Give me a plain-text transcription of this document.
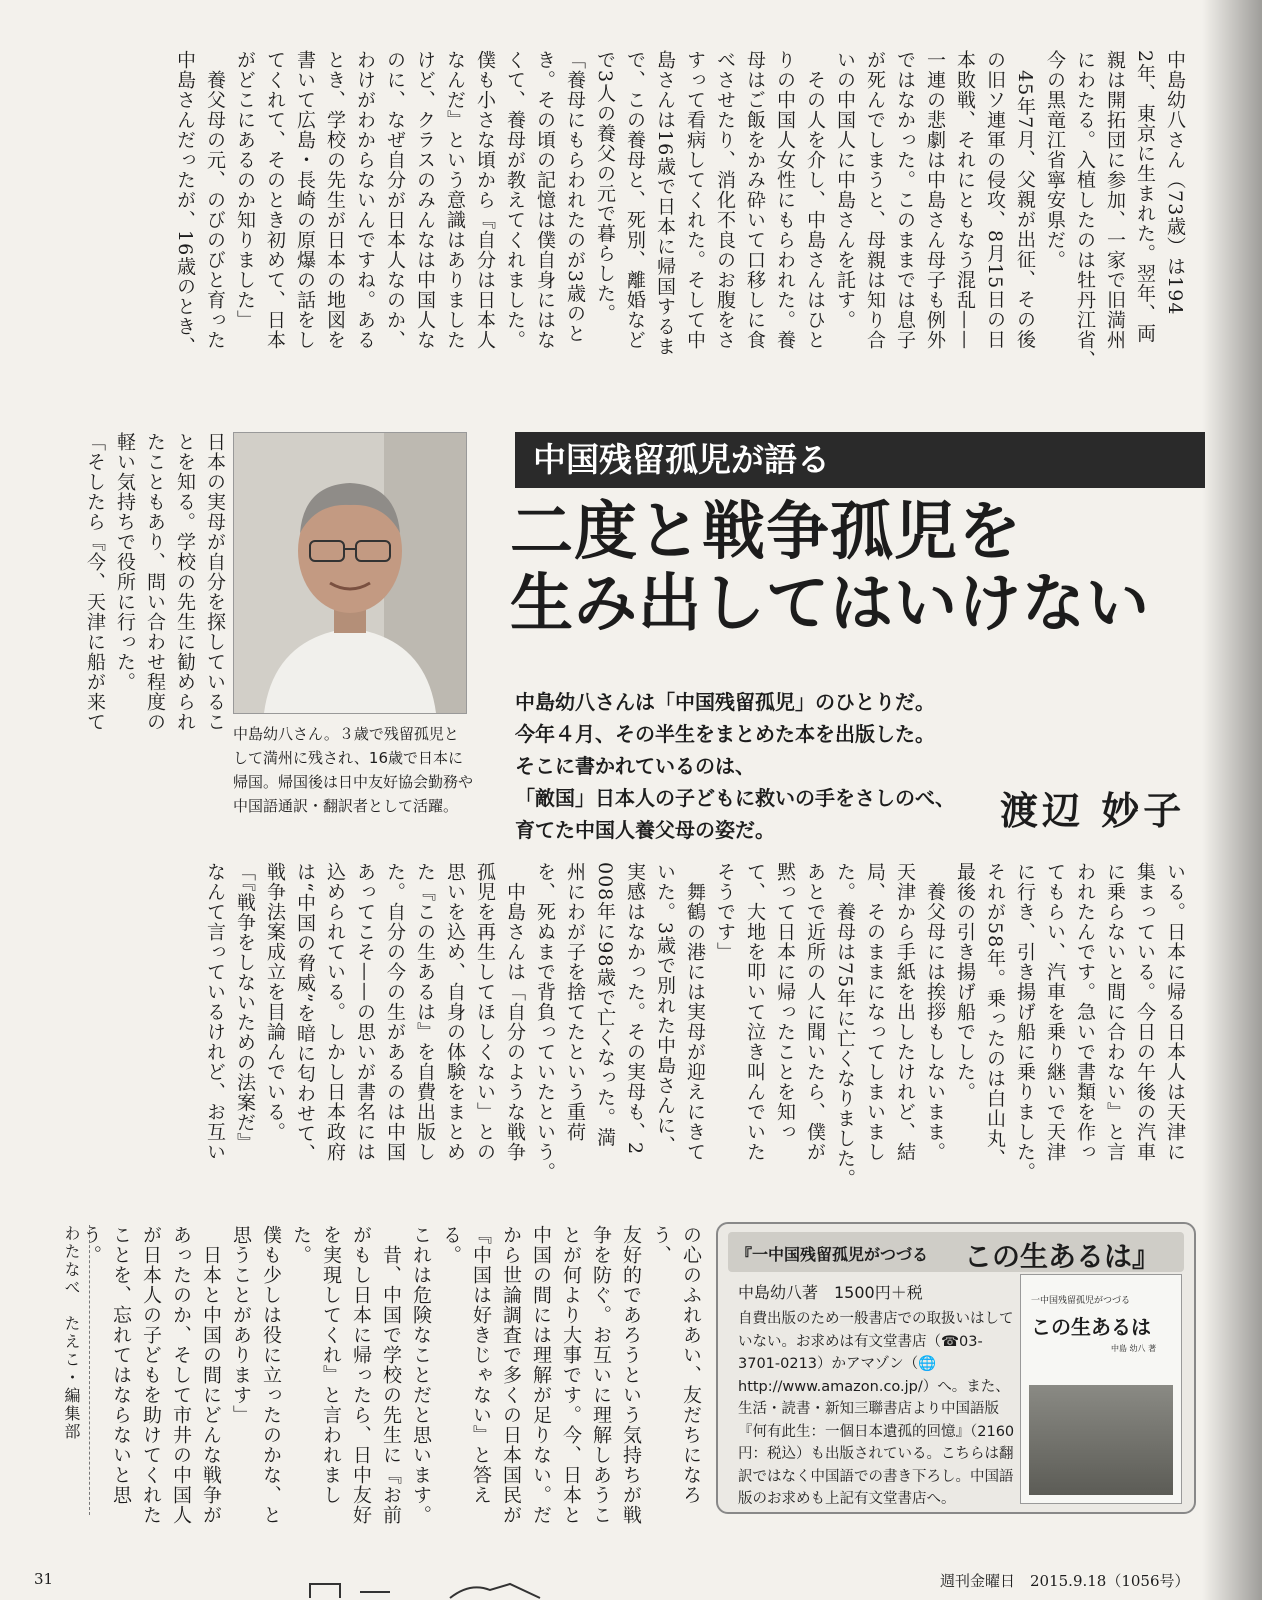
中島幼八さん（73歳）は194

2年、東京に生まれた。翌年、両

親は開拓団に参加、一家で旧満州

にわたる。入植したのは牡丹江省、

今の黒竜江省寧安県だ。

　45年7月、父親が出征、その後

の旧ソ連軍の侵攻、8月15日の日

本敗戦、それにともなう混乱——

一連の悲劇は中島さん母子も例外

ではなかった。このままでは息子

が死んでしまうと、母親は知り合

いの中国人に中島さんを託す。

　その人を介し、中島さんはひと

りの中国人女性にもらわれた。養

母はご飯をかみ砕いて口移しに食

べさせたり、消化不良のお腹をさ

すって看病してくれた。そして中

島さんは16歳で日本に帰国するま

で、この養母と、死別、離婚など

で3人の養父の元で暮らした。

「養母にもらわれたのが3歳のと

き。その頃の記憶は僕自身にはな

くて、養母が教えてくれました。

僕も小さな頃から『自分は日本人

なんだ』という意識はありました

けど、クラスのみんなは中国人な

のに、なぜ自分が日本人なのか、

わけがわからないんですね。ある

とき、学校の先生が日本の地図を

書いて広島・長崎の原爆の話をし

てくれて、そのとき初めて、日本

がどこにあるのか知りました」

　養父母の元、のびのびと育った

中島さんだったが、16歳のとき、

日本の実母が自分を探しているこ

とを知る。学校の先生に勧められ

たこともあり、問い合わせ程度の

軽い気持ちで役所に行った。

「そしたら『今、天津に船が来て	中国残留孤児が語る
二度と戦争孤児を
生み出してはいけない
中島幼八さん。３歳で残留孤児として満州に残され、16歳で日本に帰国。帰国後は日中友好協会勤務や中国語通訳・翻訳者として活躍。

中島幼八さんは「中国残留孤児」のひとりだ。

今年４月、その半生をまとめた本を出版した。

そこに書かれているのは、

「敵国」日本人の子どもに救いの手をさしのべ、

育てた中国人養父母の姿だ。	渡辺 妙子

いる。日本に帰る日本人は天津に

集まっている。今日の午後の汽車

に乗らないと間に合わない』と言

われたんです。急いで書類を作っ

てもらい、汽車を乗り継いで天津

に行き、引き揚げ船に乗りました。

それが58年。乗ったのは白山丸、

最後の引き揚げ船でした。

　養父母には挨拶もしないまま。

天津から手紙を出したけれど、結

局、そのままになってしまいまし

た。養母は75年に亡くなりました。

あとで近所の人に聞いたら、僕が

黙って日本に帰ったことを知っ

て、大地を叩いて泣き叫んでいた

そうです」

　舞鶴の港には実母が迎えにきて

いた。3歳で別れた中島さんに、

実感はなかった。その実母も、2

008年に98歳で亡くなった。満

州にわが子を捨てたという重荷

を、死ぬまで背負っていたという。

　中島さんは「自分のような戦争

孤児を再生してほしくない」との

思いを込め、自身の体験をまとめ

た『この生あるは』を自費出版し

た。自分の今の生があるのは中国

あってこそ——の思いが書名には

込められている。しかし日本政府

は“中国の脅威”を暗に匂わせて、

戦争法案成立を目論んでいる。

「『戦争をしないための法案だ』

なんて言っているけれど、お互い

の心のふれあい、友だちになろう、

友好的であろうという気持ちが戦

争を防ぐ。お互いに理解しあうこ

とが何より大事です。今、日本と

中国の間には理解が足りない。だ

から世論調査で多くの日本国民が

『中国は好きじゃない』と答える。

これは危険なことだと思います。

　昔、中国で学校の先生に『お前

がもし日本に帰ったら、日中友好

を実現してくれ』と言われました。

僕も少しは役に立ったのかな、と

思うことがあります」

　日本と中国の間にどんな戦争が

あったのか、そして市井の中国人

が日本人の子どもを助けてくれた

ことを、忘れてはならないと思う。

わたなべ　たえこ・編集部	『一中国残留孤児がつづる この生あるは』
中島幼八著　1500円＋税
自費出版のため一般書店での取扱いはしていない。お求めは有文堂書店（☎03-3701-0213）かアマゾン（🌐http://www.amazon.co.jp/）へ。また、生活・読書・新知三聯書店より中国語版『何有此生：一個日本遺孤的回憶』（2160円：税込）も出版されている。こちらは翻訳ではなく中国語での書き下ろし。中国語版のお求めも上記有文堂書店へ。
一中国残留孤児がつづる
この生あるは
中島 幼八 著
31	週刊金曜日　2015.9.18（1056号）
